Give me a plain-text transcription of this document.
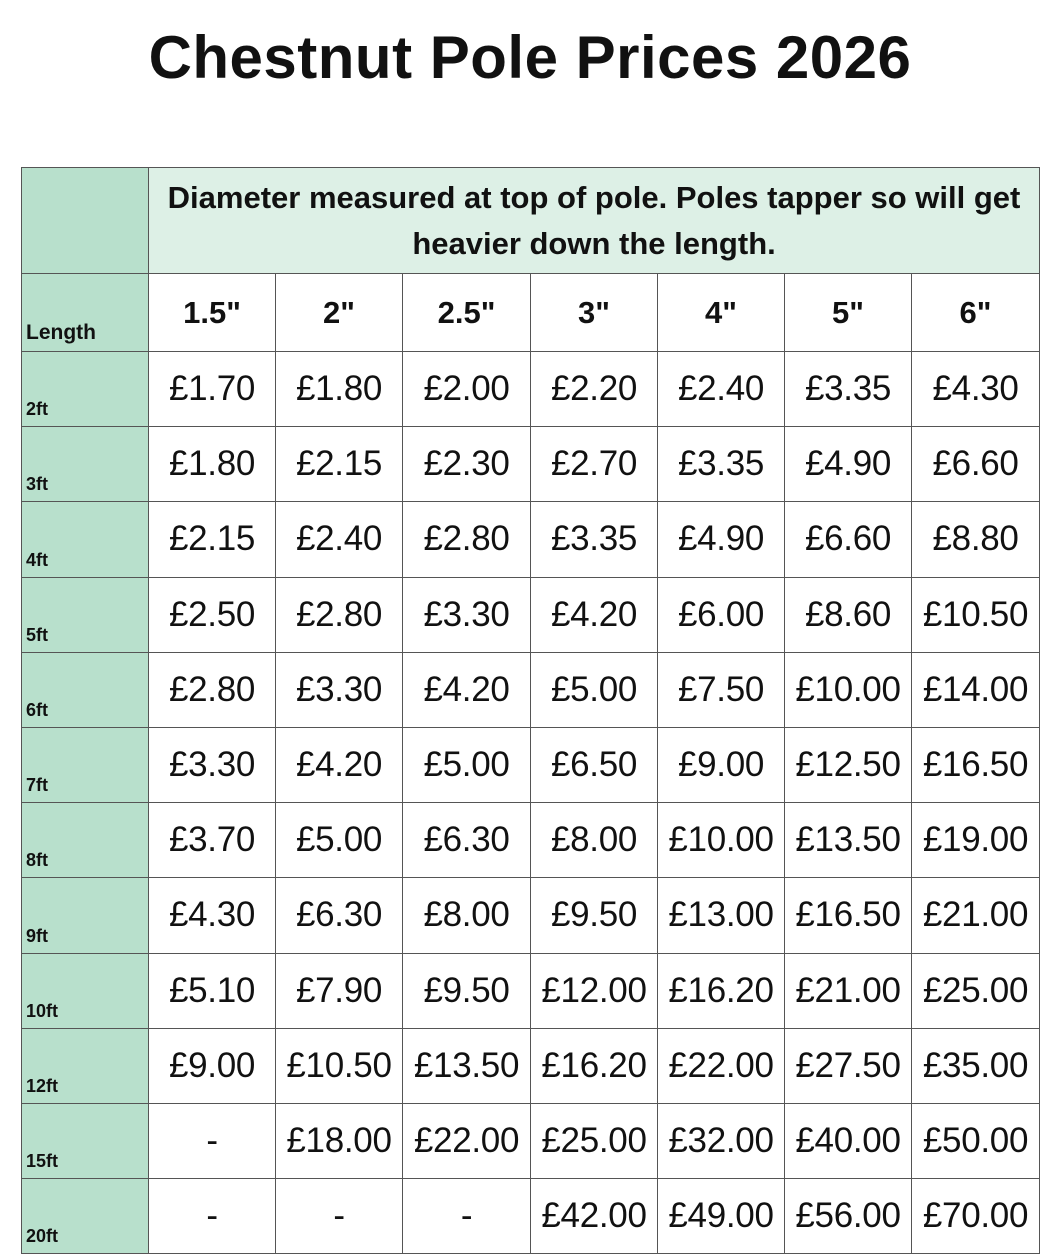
Chestnut Pole Prices 2026
	Diameter measured at top of pole. Poles tapper so will get heavier down the length.						
Length	1.5"	2"	2.5"	3"	4"	5"	6"
2ft	£1.70	£1.80	£2.00	£2.20	£2.40	£3.35	£4.30
3ft	£1.80	£2.15	£2.30	£2.70	£3.35	£4.90	£6.60
4ft	£2.15	£2.40	£2.80	£3.35	£4.90	£6.60	£8.80
5ft	£2.50	£2.80	£3.30	£4.20	£6.00	£8.60	£10.50
6ft	£2.80	£3.30	£4.20	£5.00	£7.50	£10.00	£14.00
7ft	£3.30	£4.20	£5.00	£6.50	£9.00	£12.50	£16.50
8ft	£3.70	£5.00	£6.30	£8.00	£10.00	£13.50	£19.00
9ft	£4.30	£6.30	£8.00	£9.50	£13.00	£16.50	£21.00
10ft	£5.10	£7.90	£9.50	£12.00	£16.20	£21.00	£25.00
12ft	£9.00	£10.50	£13.50	£16.20	£22.00	£27.50	£35.00
15ft	-	£18.00	£22.00	£25.00	£32.00	£40.00	£50.00
20ft	-	-	-	£42.00	£49.00	£56.00	£70.00
